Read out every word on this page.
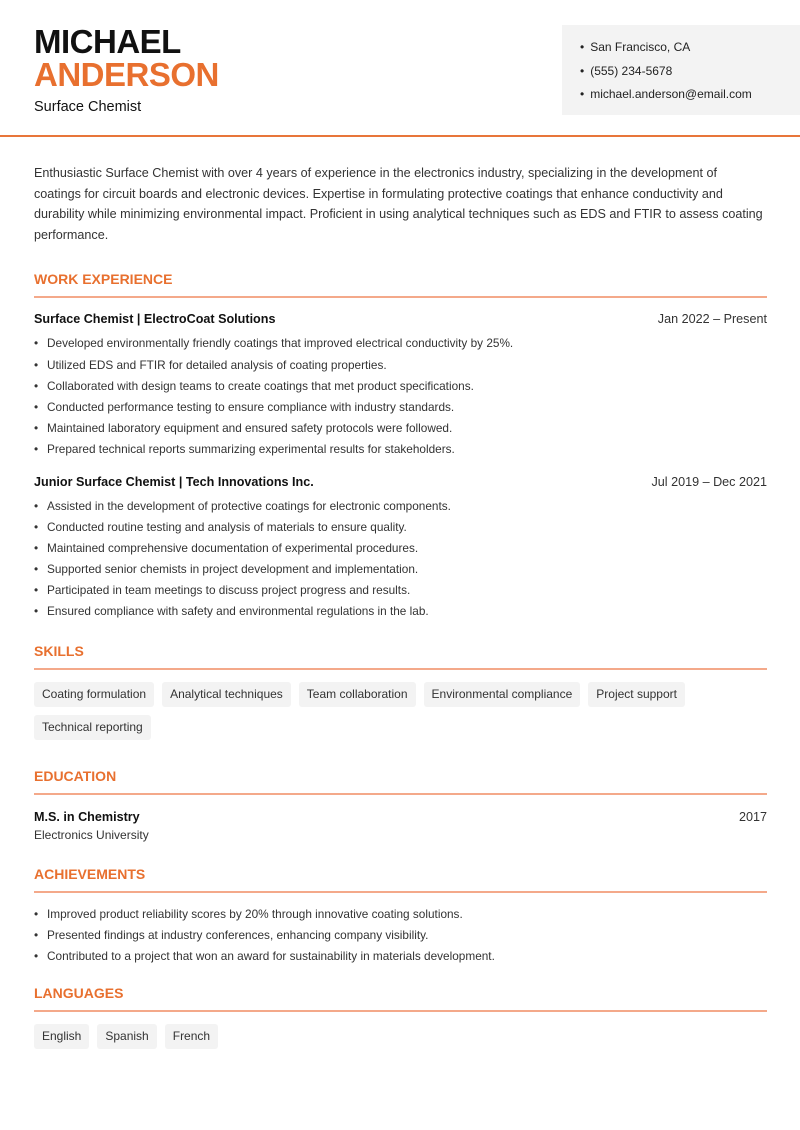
MICHAEL
ANDERSON
Surface Chemist
• San Francisco, CA
• (555) 234-5678
• michael.anderson@email.com

Enthusiastic Surface Chemist with over 4 years of experience in the electronics industry, specializing in the development of coatings for circuit boards and electronic devices. Expertise in formulating protective coatings that enhance conductivity and durability while minimizing environmental impact. Proficient in using analytical techniques such as EDS and FTIR to assess coating performance.

WORK EXPERIENCE
Surface Chemist | ElectroCoat Solutions	Jan 2022 – Present
• Developed environmentally friendly coatings that improved electrical conductivity by 25%.
• Utilized EDS and FTIR for detailed analysis of coating properties.
• Collaborated with design teams to create coatings that met product specifications.
• Conducted performance testing to ensure compliance with industry standards.
• Maintained laboratory equipment and ensured safety protocols were followed.
• Prepared technical reports summarizing experimental results for stakeholders.
Junior Surface Chemist | Tech Innovations Inc.	Jul 2019 – Dec 2021
• Assisted in the development of protective coatings for electronic components.
• Conducted routine testing and analysis of materials to ensure quality.
• Maintained comprehensive documentation of experimental procedures.
• Supported senior chemists in project development and implementation.
• Participated in team meetings to discuss project progress and results.
• Ensured compliance with safety and environmental regulations in the lab.
SKILLS
Coating formulation	Analytical techniques	Team collaboration	Environmental compliance	Project support
Technical reporting
EDUCATION
M.S. in Chemistry	2017
Electronics University
ACHIEVEMENTS
• Improved product reliability scores by 20% through innovative coating solutions.
• Presented findings at industry conferences, enhancing company visibility.
• Contributed to a project that won an award for sustainability in materials development.
LANGUAGES
English	Spanish	French
